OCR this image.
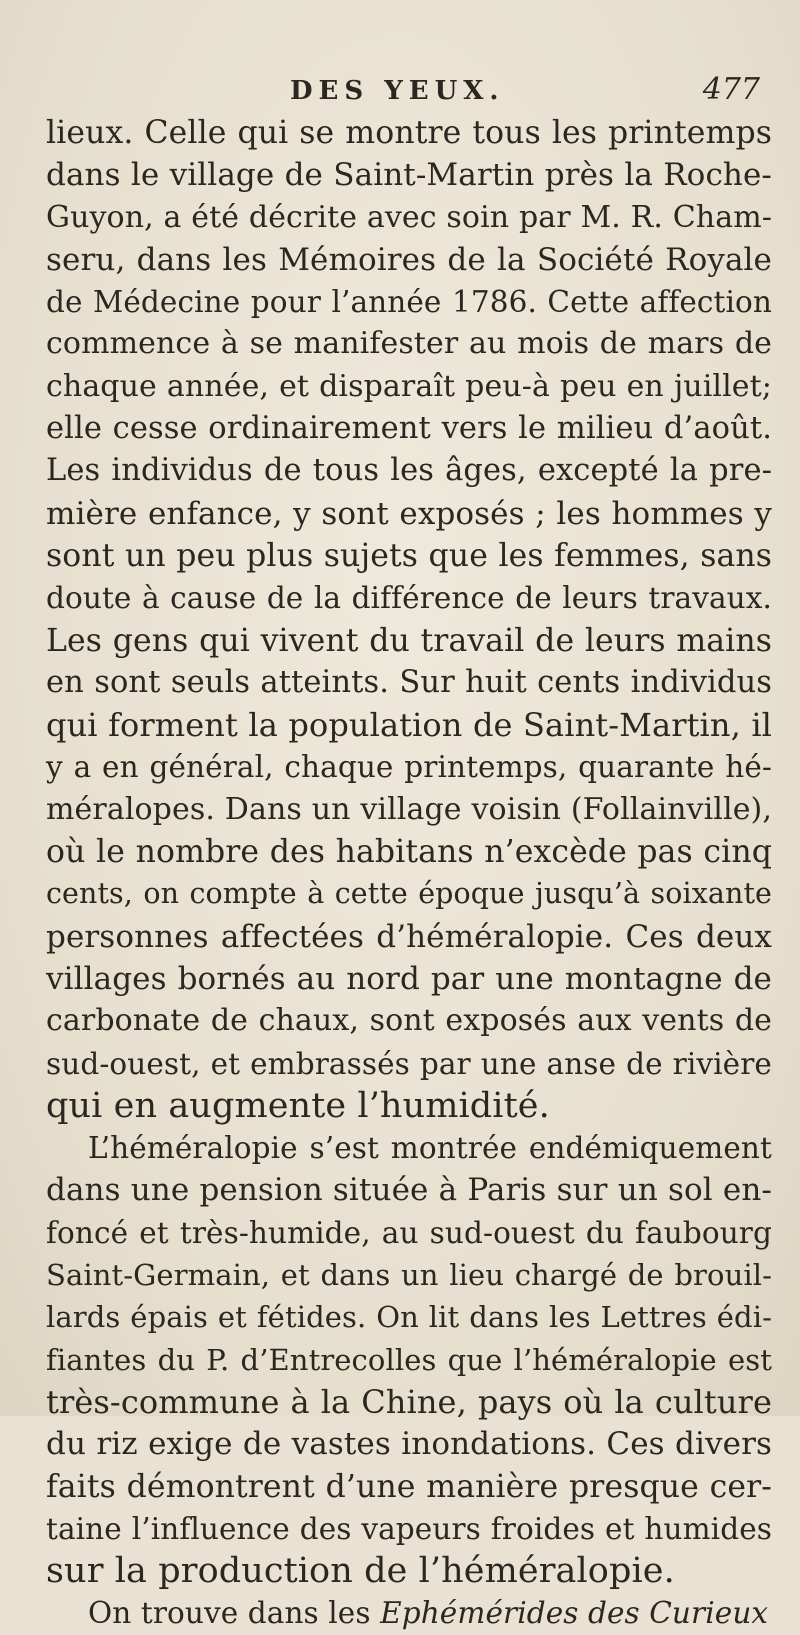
DES YEUX.	477
lieux. Celle qui se montre tous les printemps
dans le village de Saint-Martin près la Roche-
Guyon, a été décrite avec soin par M. R. Cham-
seru, dans les Mémoires de la Société Royale
de Médecine pour l’année 1786. Cette affection
commence à se manifester au mois de mars de
chaque année, et disparaît peu-à peu en juillet;
elle cesse ordinairement vers le milieu d’août.
Les individus de tous les âges, excepté la pre-
mière enfance, y sont exposés ; les hommes y
sont un peu plus sujets que les femmes, sans
doute à cause de la différence de leurs travaux.
Les gens qui vivent du travail de leurs mains
en sont seuls atteints. Sur huit cents individus
qui forment la population de Saint-Martin, il
y a en général, chaque printemps, quarante hé-
méralopes. Dans un village voisin (Follainville),
où le nombre des habitans n’excède pas cinq
cents, on compte à cette époque jusqu’à soixante
personnes affectées d’héméralopie. Ces deux
villages bornés au nord par une montagne de
carbonate de chaux, sont exposés aux vents de
sud-ouest, et embrassés par une anse de rivière
qui en augmente l’humidité.
L’héméralopie s’est montrée endémiquement
dans une pension située à Paris sur un sol en-
foncé et très-humide, au sud-ouest du faubourg
Saint-Germain, et dans un lieu chargé de brouil-
lards épais et fétides. On lit dans les Lettres édi-
fiantes du P. d’Entrecolles que l’héméralopie est
très-commune à la Chine, pays où la culture
du riz exige de vastes inondations. Ces divers
faits démontrent d’une manière presque cer-
taine l’influence des vapeurs froides et humides
sur la production de l’héméralopie.
On trouve dans les Ephémérides des Curieux
